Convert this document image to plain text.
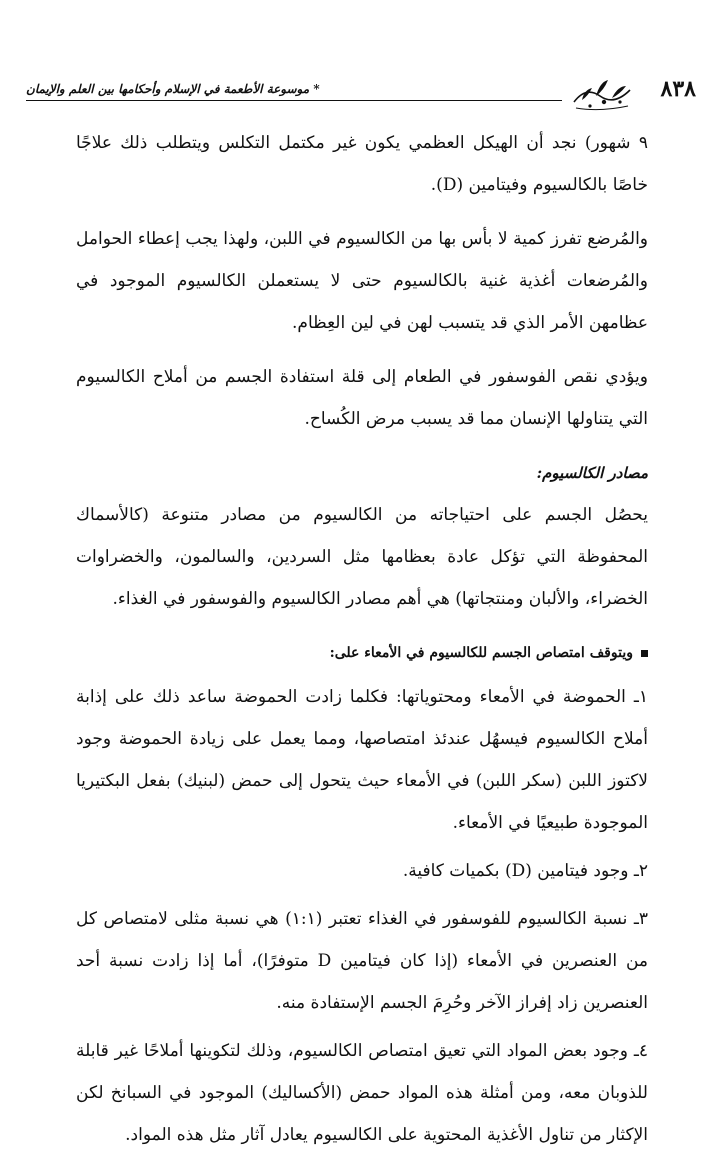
٨٣٨
* موسوعة الأطعمة في الإسلام وأحكامها بين العلم والإيمان

٩ شهور) نجد أن الهيكل العظمي يكون غير مكتمل التكلس ويتطلب ذلك علاجًا خاصًا بالكالسيوم وفيتامين (D).

والمُرضع تفرز كمية لا بأس بها من الكالسيوم في اللبن، ولهذا يجب إعطاء الحوامل والمُرضعات أغذية غنية بالكالسيوم حتى لا يستعملن الكالسيوم الموجود في عظامهن الأمر الذي قد يتسبب لهن في لين العِظام.

ويؤدي نقص الفوسفور في الطعام إلى قلة استفادة الجسم من أملاح الكالسيوم التي يتناولها الإنسان مما قد يسبب مرض الكُساح.

مصادر الكالسيوم:

يحصُل الجسم على احتياجاته من الكالسيوم من مصادر متنوعة (كالأسماك المحفوظة التي تؤكل عادة بعظامها مثل السردين، والسالمون، والخضراوات الخضراء، والألبان ومنتجاتها) هي أهم مصادر الكالسيوم والفوسفور في الغذاء.

ويتوقف امتصاص الجسم للكالسيوم في الأمعاء على:

١ـ الحموضة في الأمعاء ومحتوياتها: فكلما زادت الحموضة ساعد ذلك على إذابة أملاح الكالسيوم فيسهُل عندئذ امتصاصها، ومما يعمل على زيادة الحموضة وجود لاكتوز اللبن (سكر اللبن) في الأمعاء حيث يتحول إلى حمض (لبنيك) بفعل البكتيريا الموجودة طبيعيًا في الأمعاء.

٢ـ وجود فيتامين (D) بكميات كافية.

٣ـ نسبة الكالسيوم للفوسفور في الغذاء تعتبر (١:١) هي نسبة مثلى لامتصاص كل من العنصرين في الأمعاء (إذا كان فيتامين D متوفرًا)، أما إذا زادت نسبة أحد العنصرين زاد إفراز الآخر وحُرِمَ الجسم الإستفادة منه.

٤ـ وجود بعض المواد التي تعيق امتصاص الكالسيوم، وذلك لتكوينها أملاحًا غير قابلة للذوبان معه، ومن أمثلة هذه المواد حمض (الأكساليك) الموجود في السبانخ لكن الإكثار من تناول الأغذية المحتوية على الكالسيوم يعادل آثار مثل هذه المواد.
